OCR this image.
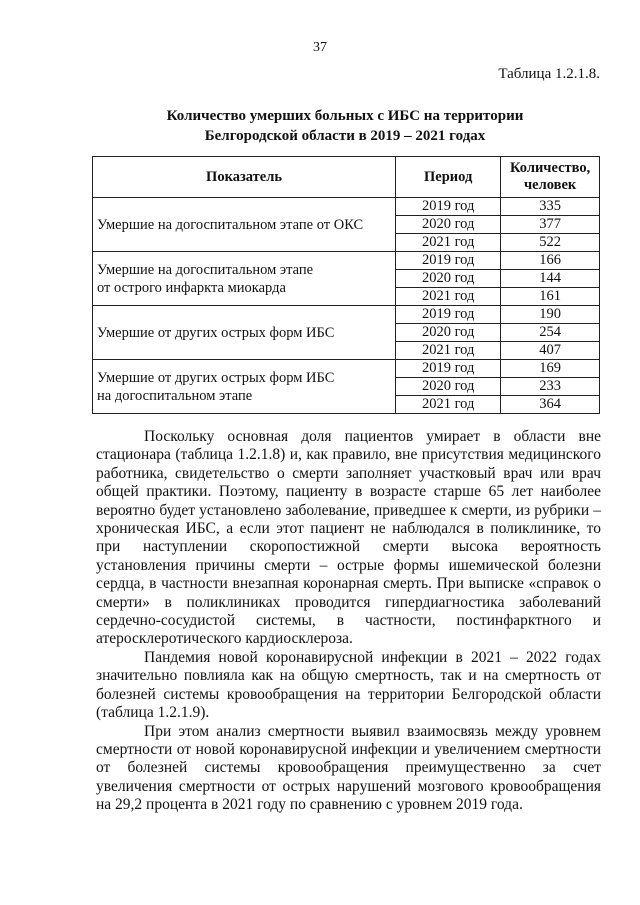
37
Таблица 1.2.1.8.
Количество умерших больных с ИБС на территории
Белгородской области в 2019 – 2021 годах
Показатель	Период	Количество, человек
Умершие на догоспитальном этапе от ОКС	2019 год	335
	2020 год	377
	2021 год	522

Умершие на догоспитальном этапе
от острого инфаркта миокарда	2019 год	166
	2020 год	144
	2021 год	161
Умершие от других острых форм ИБС	2019 год	190
	2020 год	254
	2021 год	407

Умершие от других острых форм ИБС
на догоспитальном этапе	2019 год	169
	2020 год	233
	2021 год	364

Поскольку основная доля пациентов умирает в области вне стационара (таблица 1.2.1.8) и, как правило, вне присутствия медицинского работника, свидетельство о смерти заполняет участковый врач или врач общей практики. Поэтому, пациенту в возрасте старше 65 лет наиболее вероятно будет установлено заболевание, приведшее к смерти, из рубрики – хроническая ИБС, а если этот пациент не наблюдался в поликлинике, то при наступлении скоропостижной смерти высока вероятность установления причины смерти – острые формы ишемической болезни сердца, в частности внезапная коронарная смерть. При выписке «справок о смерти» в поликлиниках проводится гипердиагностика заболеваний сердечно-сосудистой системы, в частности, постинфарктного и атеросклеротического кардиосклероза.

Пандемия новой коронавирусной инфекции в 2021 – 2022 годах значительно повлияла как на общую смертность, так и на смертность от болезней системы кровообращения на территории Белгородской области (таблица 1.2.1.9).

При этом анализ смертности выявил взаимосвязь между уровнем смертности от новой коронавирусной инфекции и увеличением смертности от болезней системы кровообращения преимущественно за счет увеличения смертности от острых нарушений мозгового кровообращения на 29,2 процента в 2021 году по сравнению с уровнем 2019 года.
